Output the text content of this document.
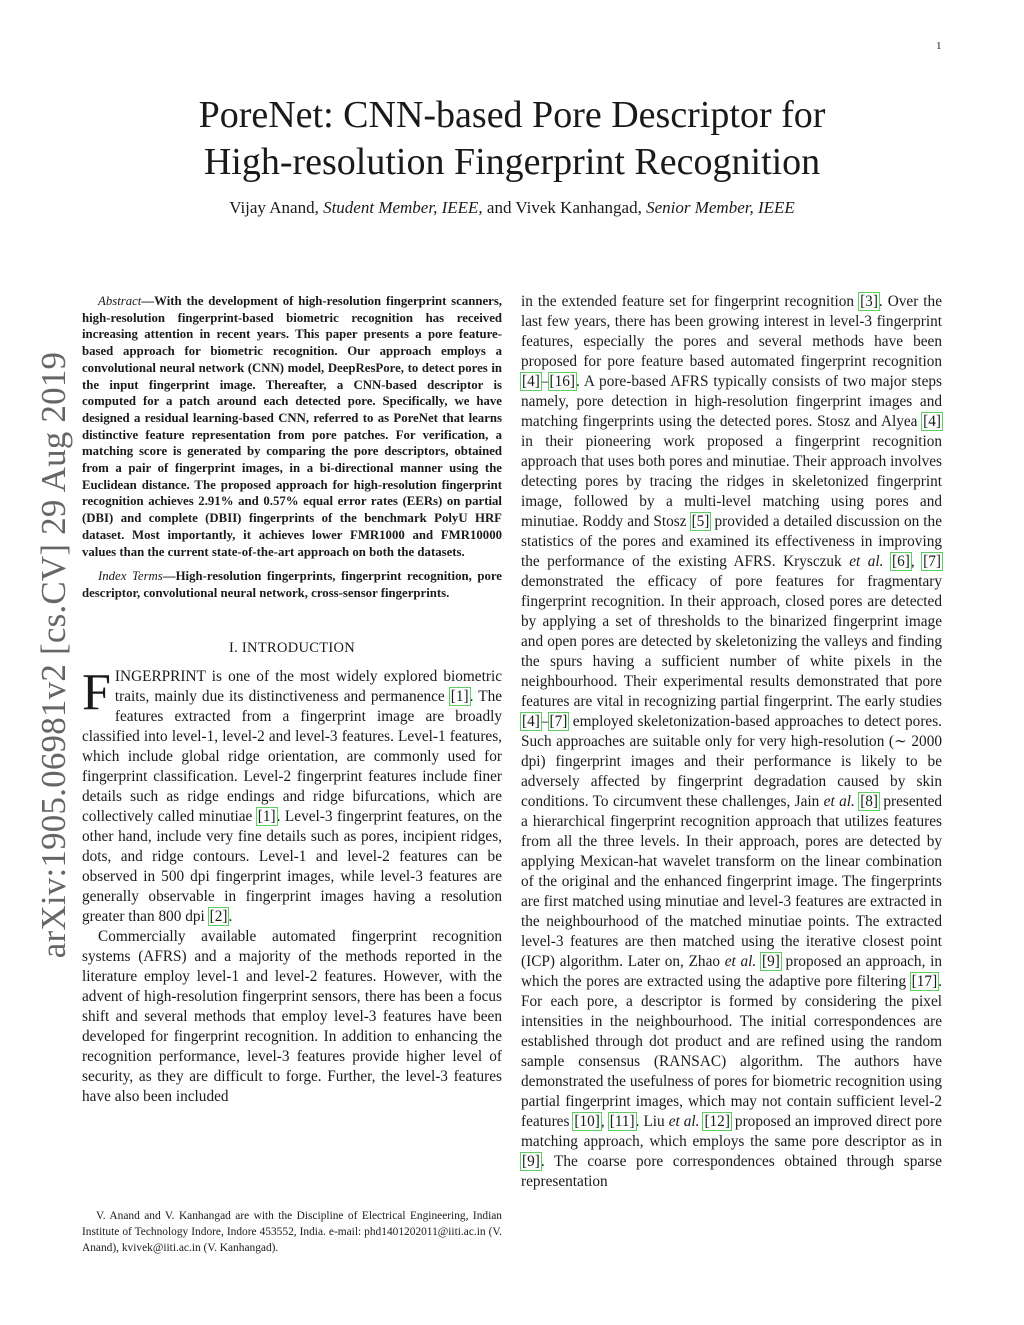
1
arXiv:1905.06981v2 [cs.CV] 29 Aug 2019
PoreNet: CNN-based Pore Descriptor for
High-resolution Fingerprint Recognition
Vijay Anand, Student Member, IEEE, and Vivek Kanhangad, Senior Member, IEEE

Abstract—With the development of high-resolution fingerprint scanners, high-resolution fingerprint-based biometric recognition has received increasing attention in recent years. This paper presents a pore feature-based approach for biometric recognition. Our approach employs a convolutional neural network (CNN) model, DeepResPore, to detect pores in the input fingerprint image. Thereafter, a CNN-based descriptor is computed for a patch around each detected pore. Specifically, we have designed a residual learning-based CNN, referred to as PoreNet that learns distinctive feature representation from pore patches. For verification, a matching score is generated by comparing the pore descriptors, obtained from a pair of fingerprint images, in a bi-directional manner using the Euclidean distance. The proposed approach for high-resolution fingerprint recognition achieves 2.91% and 0.57% equal error rates (EERs) on partial (DBI) and complete (DBII) fingerprints of the benchmark PolyU HRF dataset. Most importantly, it achieves lower FMR1000 and FMR10000 values than the current state-of-the-art approach on both the datasets.

Index Terms—High-resolution fingerprints, fingerprint recognition, pore descriptor, convolutional neural network, cross-sensor fingerprints.

I. INTRODUCTION

FINGERPRINT is one of the most widely explored biometric traits, mainly due its distinctiveness and permanence [1]. The features extracted from a fingerprint image are broadly classified into level-1, level-2 and level-3 features. Level-1 features, which include global ridge orientation, are commonly used for fingerprint classification. Level-2 fingerprint features include finer details such as ridge endings and ridge bifurcations, which are collectively called minutiae [1]. Level-3 fingerprint features, on the other hand, include very fine details such as pores, incipient ridges, dots, and ridge contours. Level-1 and level-2 features can be observed in 500 dpi fingerprint images, while level-3 features are generally observable in fingerprint images having a resolution greater than 800 dpi [2].

Commercially available automated fingerprint recognition systems (AFRS) and a majority of the methods reported in the literature employ level-1 and level-2 features. However, with the advent of high-resolution fingerprint sensors, there has been a focus shift and several methods that employ level-3 features have been developed for fingerprint recognition. In addition to enhancing the recognition performance, level-3 features provide higher level of security, as they are difficult to forge. Further, the level-3 features have also been included

V. Anand and V. Kanhangad are with the Discipline of Electrical Engineering, Indian Institute of Technology Indore, Indore 453552, India. e-mail: phd1401202011@iiti.ac.in (V. Anand), kvivek@iiti.ac.in (V. Kanhangad).

in the extended feature set for fingerprint recognition [3]. Over the last few years, there has been growing interest in level-3 fingerprint features, especially the pores and several methods have been proposed for pore feature based automated fingerprint recognition [4]–[16]. A pore-based AFRS typically consists of two major steps namely, pore detection in high-resolution fingerprint images and matching fingerprints using the detected pores. Stosz and Alyea [4] in their pioneering work proposed a fingerprint recognition approach that uses both pores and minutiae. Their approach involves detecting pores by tracing the ridges in skeletonized fingerprint image, followed by a multi-level matching using pores and minutiae. Roddy and Stosz [5] provided a detailed discussion on the statistics of the pores and examined its effectiveness in improving the performance of the existing AFRS. Krysczuk et al. [6], [7] demonstrated the efficacy of pore features for fragmentary fingerprint recognition. In their approach, closed pores are detected by applying a set of thresholds to the binarized fingerprint image and open pores are detected by skeletonizing the valleys and finding the spurs having a sufficient number of white pixels in the neighbourhood. Their experimental results demonstrated that pore features are vital in recognizing partial fingerprint. The early studies [4]–[7] employed skeletonization-based approaches to detect pores. Such approaches are suitable only for very high-resolution (∼ 2000 dpi) fingerprint images and their performance is likely to be adversely affected by fingerprint degradation caused by skin conditions. To circumvent these challenges, Jain et al. [8] presented a hierarchical fingerprint recognition approach that utilizes features from all the three levels. In their approach, pores are detected by applying Mexican-hat wavelet transform on the linear combination of the original and the enhanced fingerprint image. The fingerprints are first matched using minutiae and level-3 features are extracted in the neighbourhood of the matched minutiae points. The extracted level-3 features are then matched using the iterative closest point (ICP) algorithm. Later on, Zhao et al. [9] proposed an approach, in which the pores are extracted using the adaptive pore filtering [17]. For each pore, a descriptor is formed by considering the pixel intensities in the neighbourhood. The initial correspondences are established through dot product and are refined using the random sample consensus (RANSAC) algorithm. The authors have demonstrated the usefulness of pores for biometric recognition using partial fingerprint images, which may not contain sufficient level-2 features [10], [11]. Liu et al. [12] proposed an improved direct pore matching approach, which employs the same pore descriptor as in [9]. The coarse pore correspondences obtained through sparse representation
